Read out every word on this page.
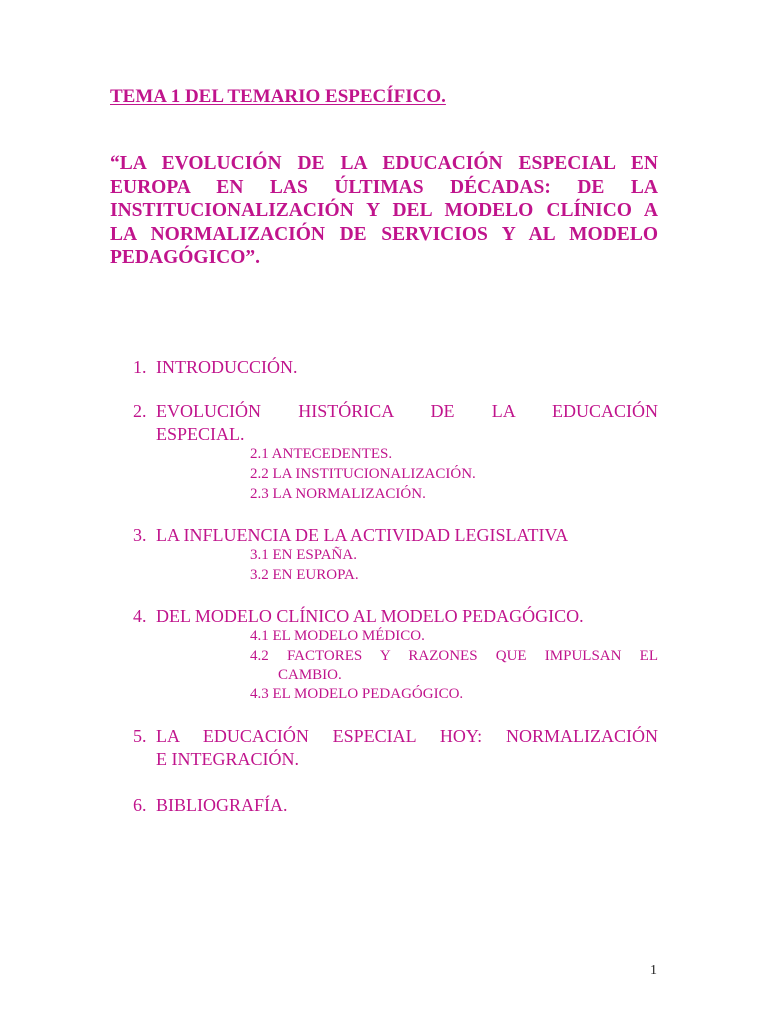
TEMA 1 DEL TEMARIO ESPECÍFICO.

“LA EVOLUCIÓN DE LA EDUCACIÓN ESPECIAL EN
EUROPA EN LAS ÚLTIMAS DÉCADAS: DE LA
INSTITUCIONALIZACIÓN Y DEL MODELO CLÍNICO A
LA NORMALIZACIÓN DE SERVICIOS Y AL MODELO
PEDAGÓGICO”.

1. INTRODUCCIÓN.
2. EVOLUCIÓN HISTÓRICA DE LA EDUCACIÓN
ESPECIAL.
2.1 ANTECEDENTES.
2.2 LA INSTITUCIONALIZACIÓN.
2.3 LA NORMALIZACIÓN.
3. LA INFLUENCIA DE LA ACTIVIDAD LEGISLATIVA
3.1 EN ESPAÑA.
3.2 EN EUROPA.
4. DEL MODELO CLÍNICO AL MODELO PEDAGÓGICO.
4.1 EL MODELO MÉDICO.
4.2 FACTORES Y RAZONES QUE IMPULSAN EL
CAMBIO.
4.3 EL MODELO PEDAGÓGICO.
5. LA EDUCACIÓN ESPECIAL HOY: NORMALIZACIÓN
E INTEGRACIÓN.
6. BIBLIOGRAFÍA.
1
